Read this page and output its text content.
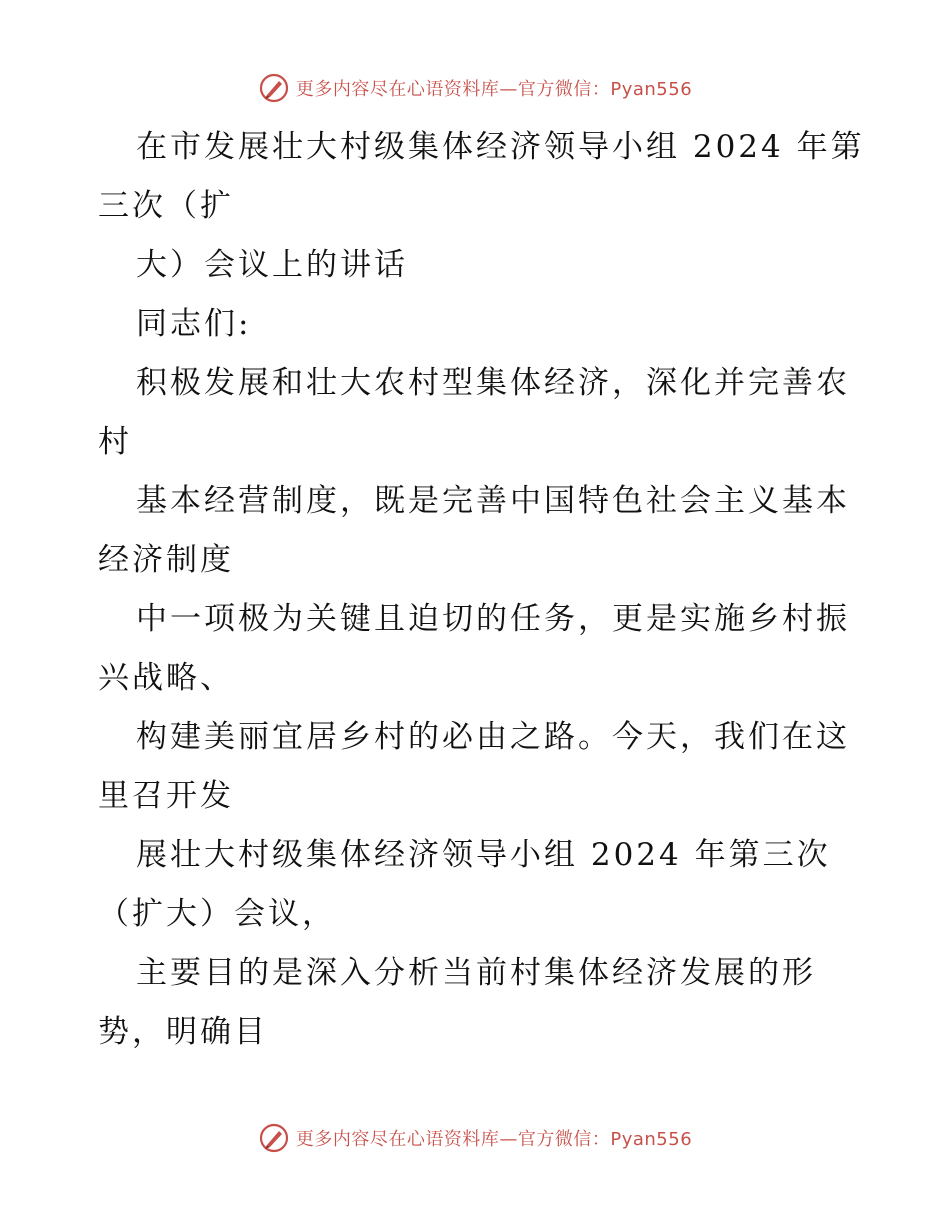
更多内容尽在心语资料库—官方微信：Pyan556
在市发展壮大村级集体经济领导小组 2024 年第
三次（扩
大）会议上的讲话
同志们:
积极发展和壮大农村型集体经济，深化并完善农
村
基本经营制度，既是完善中国特色社会主义基本
经济制度
中一项极为关键且迫切的任务，更是实施乡村振
兴战略、
构建美丽宜居乡村的必由之路。今天，我们在这
里召开发
展壮大村级集体经济领导小组 2024 年第三次
（扩大）会议，
主要目的是深入分析当前村集体经济发展的形
势，明确目
更多内容尽在心语资料库—官方微信：Pyan556
